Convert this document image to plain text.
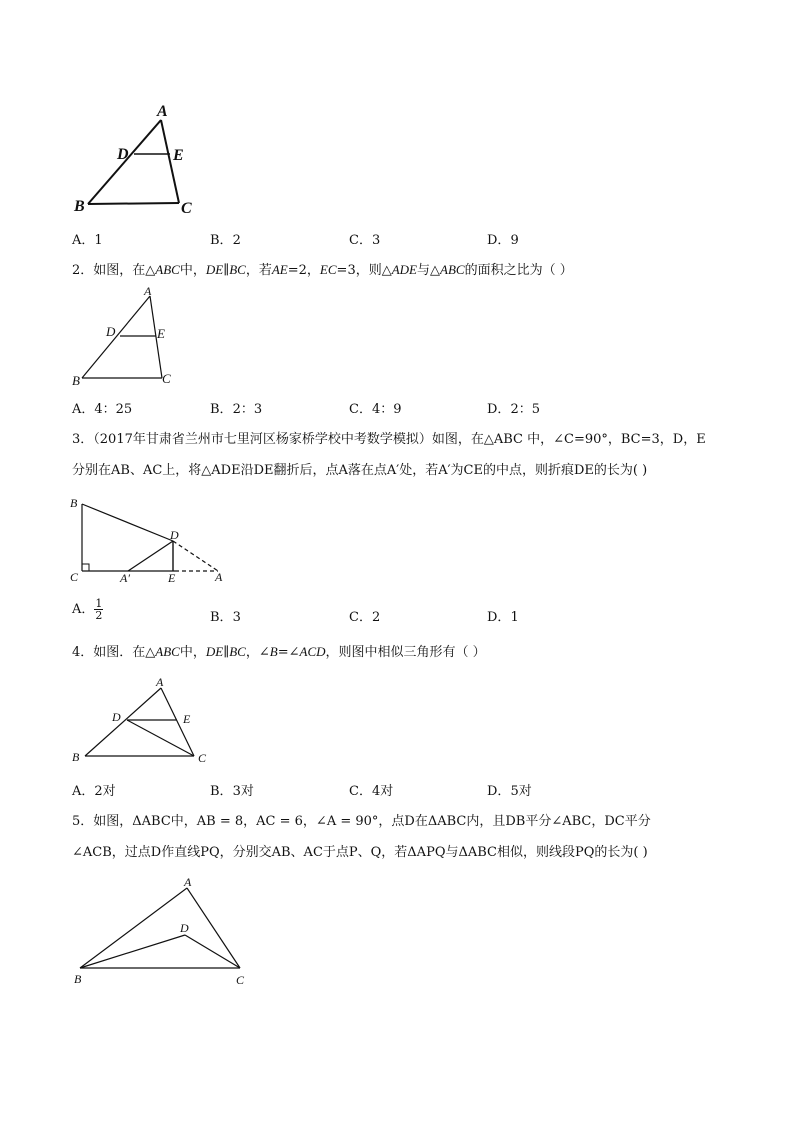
A
D	E
B	C
A．1	B．2	C．3	D．9
2．如图，在△ABC中，DE∥BC，若AE=2，EC=3，则△ADE与△ABC的面积之比为（ ）
A
D	E
B	C
A．4：25	B．2：3	C．4：9	D．2：5
3．（2017年甘肃省兰州市七里河区杨家桥学校中考数学模拟）如图，在△ABC 中，∠C=90°，BC=3，D，E
分别在AB、AC上，将△ADE沿DE翻折后，点A落在点A′处，若A′为CE的中点，则折痕DE的长为( )
B
D
C	A′	E	A
A． $\frac{1}{2}$	B．3	C．2	D．1
4．如图．在△ABC中，DE∥BC，∠B=∠ACD，则图中相似三角形有（ ）
A
D	E
B	C
A．2对	B．3对	C．4对	D．5对
5．如图，ΔABC中，AB = 8，AC = 6，∠A = 90°，点D在ΔABC内，且DB平分∠ABC，DC平分
∠ACB，过点D作直线PQ，分别交AB、AC于点P、Q，若ΔAPQ与ΔABC相似，则线段PQ的长为( )
A
D
B	C
